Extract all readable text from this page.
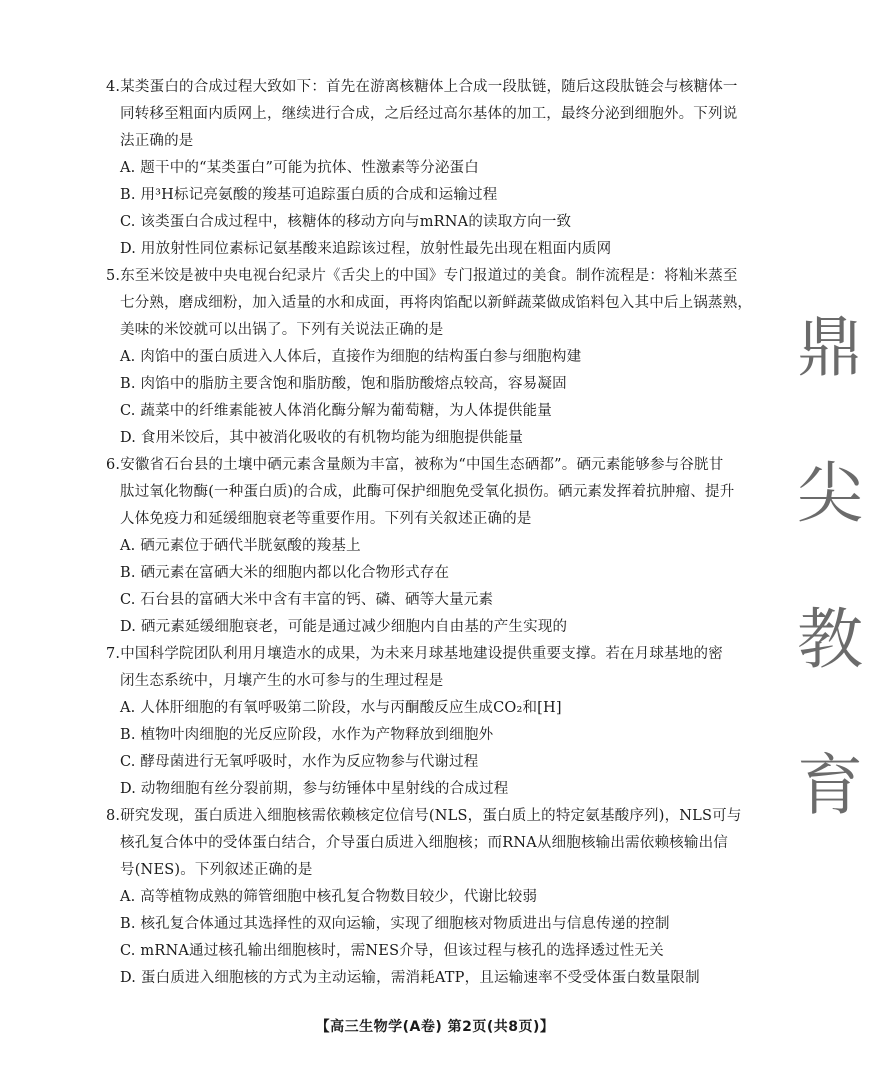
4.某类蛋白的合成过程大致如下：首先在游离核糖体上合成一段肽链，随后这段肽链会与核糖体一
同转移至粗面内质网上，继续进行合成，之后经过高尔基体的加工，最终分泌到细胞外。下列说
法正确的是
A. 题干中的“某类蛋白”可能为抗体、性激素等分泌蛋白
B. 用³H标记亮氨酸的羧基可追踪蛋白质的合成和运输过程
C. 该类蛋白合成过程中，核糖体的移动方向与mRNA的读取方向一致
D. 用放射性同位素标记氨基酸来追踪该过程，放射性最先出现在粗面内质网
5.东至米饺是被中央电视台纪录片《舌尖上的中国》专门报道过的美食。制作流程是：将籼米蒸至
七分熟，磨成细粉，加入适量的水和成面，再将肉馅配以新鲜蔬菜做成馅料包入其中后上锅蒸熟，
美味的米饺就可以出锅了。下列有关说法正确的是
A. 肉馅中的蛋白质进入人体后，直接作为细胞的结构蛋白参与细胞构建
B. 肉馅中的脂肪主要含饱和脂肪酸，饱和脂肪酸熔点较高，容易凝固
C. 蔬菜中的纤维素能被人体消化酶分解为葡萄糖，为人体提供能量
D. 食用米饺后，其中被消化吸收的有机物均能为细胞提供能量
6.安徽省石台县的土壤中硒元素含量颇为丰富，被称为“中国生态硒都”。硒元素能够参与谷胱甘
肽过氧化物酶(一种蛋白质)的合成，此酶可保护细胞免受氧化损伤。硒元素发挥着抗肿瘤、提升
人体免疫力和延缓细胞衰老等重要作用。下列有关叙述正确的是
A. 硒元素位于硒代半胱氨酸的羧基上
B. 硒元素在富硒大米的细胞内都以化合物形式存在
C. 石台县的富硒大米中含有丰富的钙、磷、硒等大量元素
D. 硒元素延缓细胞衰老，可能是通过减少细胞内自由基的产生实现的
7.中国科学院团队利用月壤造水的成果，为未来月球基地建设提供重要支撑。若在月球基地的密
闭生态系统中，月壤产生的水可参与的生理过程是
A. 人体肝细胞的有氧呼吸第二阶段，水与丙酮酸反应生成CO₂和[H]
B. 植物叶肉细胞的光反应阶段，水作为产物释放到细胞外
C. 酵母菌进行无氧呼吸时，水作为反应物参与代谢过程
D. 动物细胞有丝分裂前期，参与纺锤体中星射线的合成过程
8.研究发现，蛋白质进入细胞核需依赖核定位信号(NLS，蛋白质上的特定氨基酸序列)，NLS可与
核孔复合体中的受体蛋白结合，介导蛋白质进入细胞核；而RNA从细胞核输出需依赖核输出信
号(NES)。下列叙述正确的是
A. 高等植物成熟的筛管细胞中核孔复合物数目较少，代谢比较弱
B. 核孔复合体通过其选择性的双向运输，实现了细胞核对物质进出与信息传递的控制
C. mRNA通过核孔输出细胞核时，需NES介导，但该过程与核孔的选择透过性无关
D. 蛋白质进入细胞核的方式为主动运输，需消耗ATP，且运输速率不受受体蛋白数量限制
鼎
尖
教
育
【高三生物学(A卷) 第2页(共8页)】
